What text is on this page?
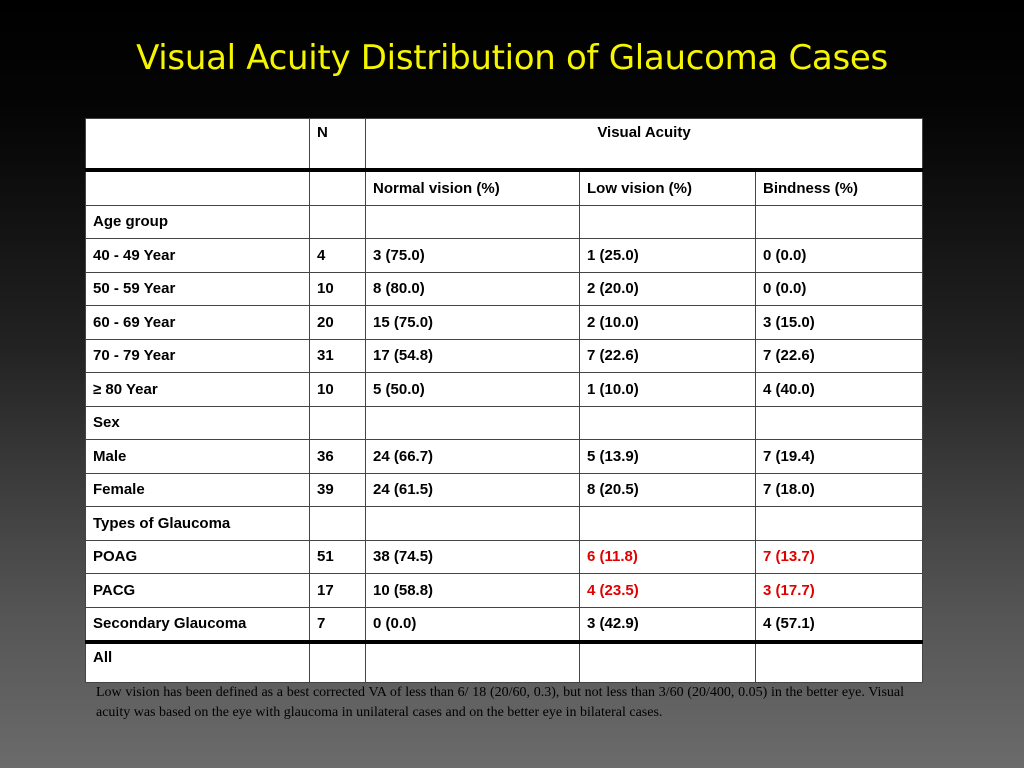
Visual Acuity Distribution of Glaucoma Cases
	N	Visual Acuity		
		Normal vision (%)	Low vision (%)	Bindness (%)
Age group				
40 - 49 Year	4	3 (75.0)	1 (25.0)	0 (0.0)
50 - 59 Year	10	8 (80.0)	2 (20.0)	0 (0.0)
60 - 69 Year	20	15 (75.0)	2 (10.0)	3 (15.0)
70 - 79 Year	31	17 (54.8)	7 (22.6)	7 (22.6)
≥ 80 Year	10	5 (50.0)	1 (10.0)	4 (40.0)
Sex				
Male	36	24 (66.7)	5 (13.9)	7 (19.4)
Female	39	24 (61.5)	8 (20.5)	7 (18.0)
Types of Glaucoma				
POAG	51	38 (74.5)	6 (11.8)	7 (13.7)
PACG	17	10 (58.8)	4 (23.5)	3 (17.7)
Secondary Glaucoma	7	0 (0.0)	3 (42.9)	4 (57.1)
All				
Low vision has been defined as a best corrected VA of less than 6/ 18 (20/60, 0.3), but not less than 3/60 (20/400, 0.05) in the better eye. Visual acuity was based on the eye with glaucoma in unilateral cases and on the better eye in bilateral cases.
